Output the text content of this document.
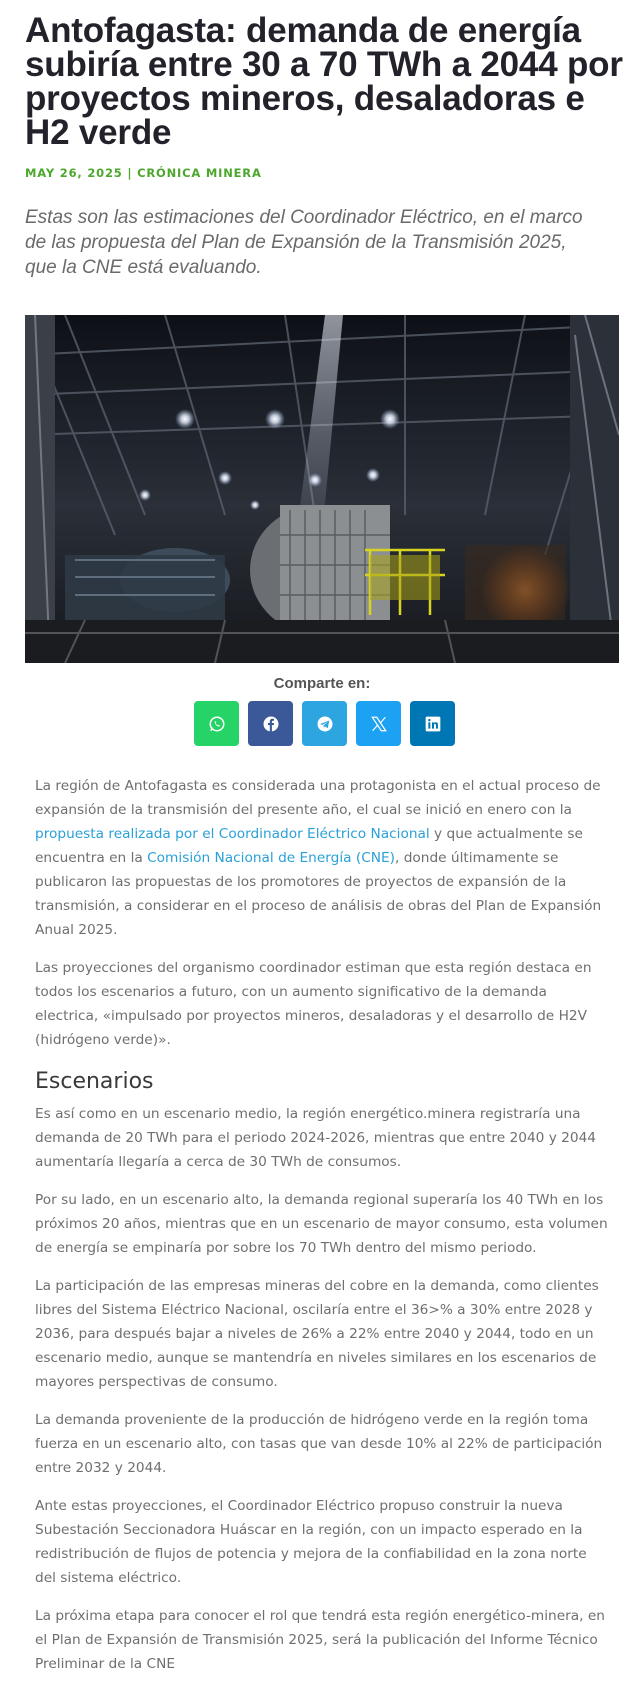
Antofagasta: demanda de energía subiría entre 30 a 70 TWh a 2044 por proyectos mineros, desaladoras e H2 verde
MAY 26, 2025 | CRÓNICA MINERA

Estas son las estimaciones del Coordinador Eléctrico, en el marco de las propuesta del Plan de Expansión de la Transmisión 2025, que la CNE está evaluando.

Comparte en:

La región de Antofagasta es considerada una protagonista en el actual proceso de expansión de la transmisión del presente año, el cual se inició en enero con la propuesta realizada por el Coordinador Eléctrico Nacional y que actualmente se encuentra en la Comisión Nacional de Energía (CNE), donde últimamente se publicaron las propuestas de los promotores de proyectos de expansión de la transmisión, a considerar en el proceso de análisis de obras del Plan de Expansión Anual 2025.

Las proyecciones del organismo coordinador estiman que esta región destaca en todos los escenarios a futuro, con un aumento significativo de la demanda electrica, «impulsado por proyectos mineros, desaladoras y el desarrollo de H2V (hidrógeno verde)».

Escenarios

Es así como en un escenario medio, la región energético.minera registraría una demanda de 20 TWh para el periodo 2024-2026, mientras que entre 2040 y 2044 aumentaría llegaría a cerca de 30 TWh de consumos.

Por su lado, en un escenario alto, la demanda regional superaría los 40 TWh en los próximos 20 años, mientras que en un escenario de mayor consumo, esta volumen de energía se empinaría por sobre los 70 TWh dentro del mismo periodo.

La participación de las empresas mineras del cobre en la demanda, como clientes libres del Sistema Eléctrico Nacional, oscilaría entre el 36>% a 30% entre 2028 y 2036, para después bajar a niveles de 26% a 22% entre 2040 y 2044, todo en un escenario medio, aunque se mantendría en niveles similares en los escenarios de mayores perspectivas de consumo.

La demanda proveniente de la producción de hidrógeno verde en la región toma fuerza en un escenario alto, con tasas que van desde 10% al 22% de participación entre 2032 y 2044.

Ante estas proyecciones, el Coordinador Eléctrico propuso construir la nueva Subestación Seccionadora Huáscar en la región, con un impacto esperado en la redistribución de flujos de potencia y mejora de la confiabilidad en la zona norte del sistema eléctrico.

La próxima etapa para conocer el rol que tendrá esta región energético-minera, en el Plan de Expansión de Transmisión 2025, será la publicación del Informe Técnico Preliminar de la CNE
